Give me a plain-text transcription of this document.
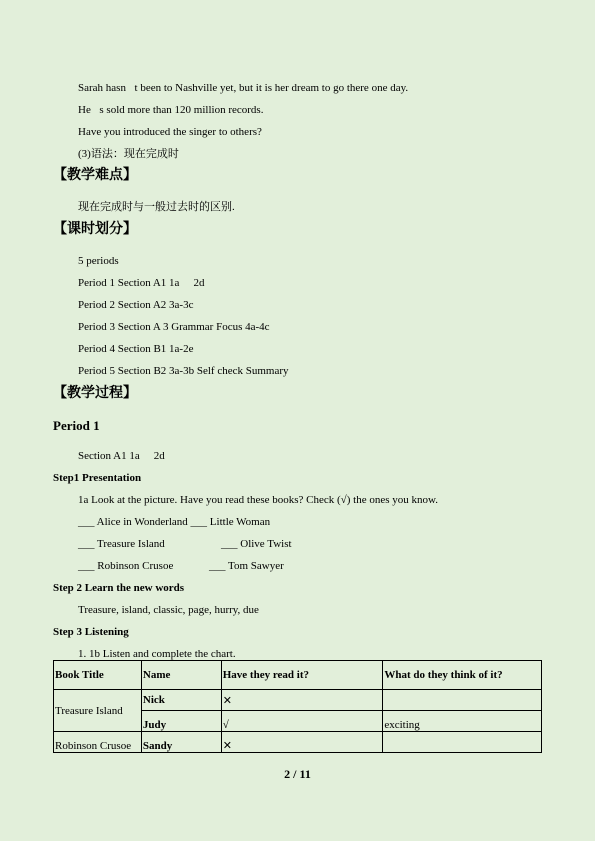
Sarah hasn t been to Nashville yet, but it is her dream to go there one day.
He s sold more than 120 million records.
Have you introduced the singer to others?
(3)语法：现在完成时
【教学难点】
现在完成时与一般过去时的区别.
【课时划分】
5 periods
Period 1 Section A1 1a   2d
Period 2 Section A2 3a-3c
Period 3 Section A 3 Grammar Focus 4a-4c
Period 4 Section B1 1a-2e
Period 5 Section B2 3a-3b Self check Summary
【教学过程】
Period 1
Section A1 1a   2d
Step1 Presentation
1a Look at the picture. Have you read these books? Check (√) the ones you know.
___ Alice in Wonderland ___ Little Woman
___ Treasure Island	___ Olive Twist
___ Robinson Crusoe	___ Tom Sawyer
Step 2 Learn the new words
Treasure, island, classic, page, hurry, due
Step 3 Listening
1. 1b Listen and complete the chart.
Book Title	Name	Have they read it?	What do they think of it?
Treasure Island	Nick	✕	
	Judy	√	exciting
Robinson Crusoe	Sandy	✕	
2 / 11
